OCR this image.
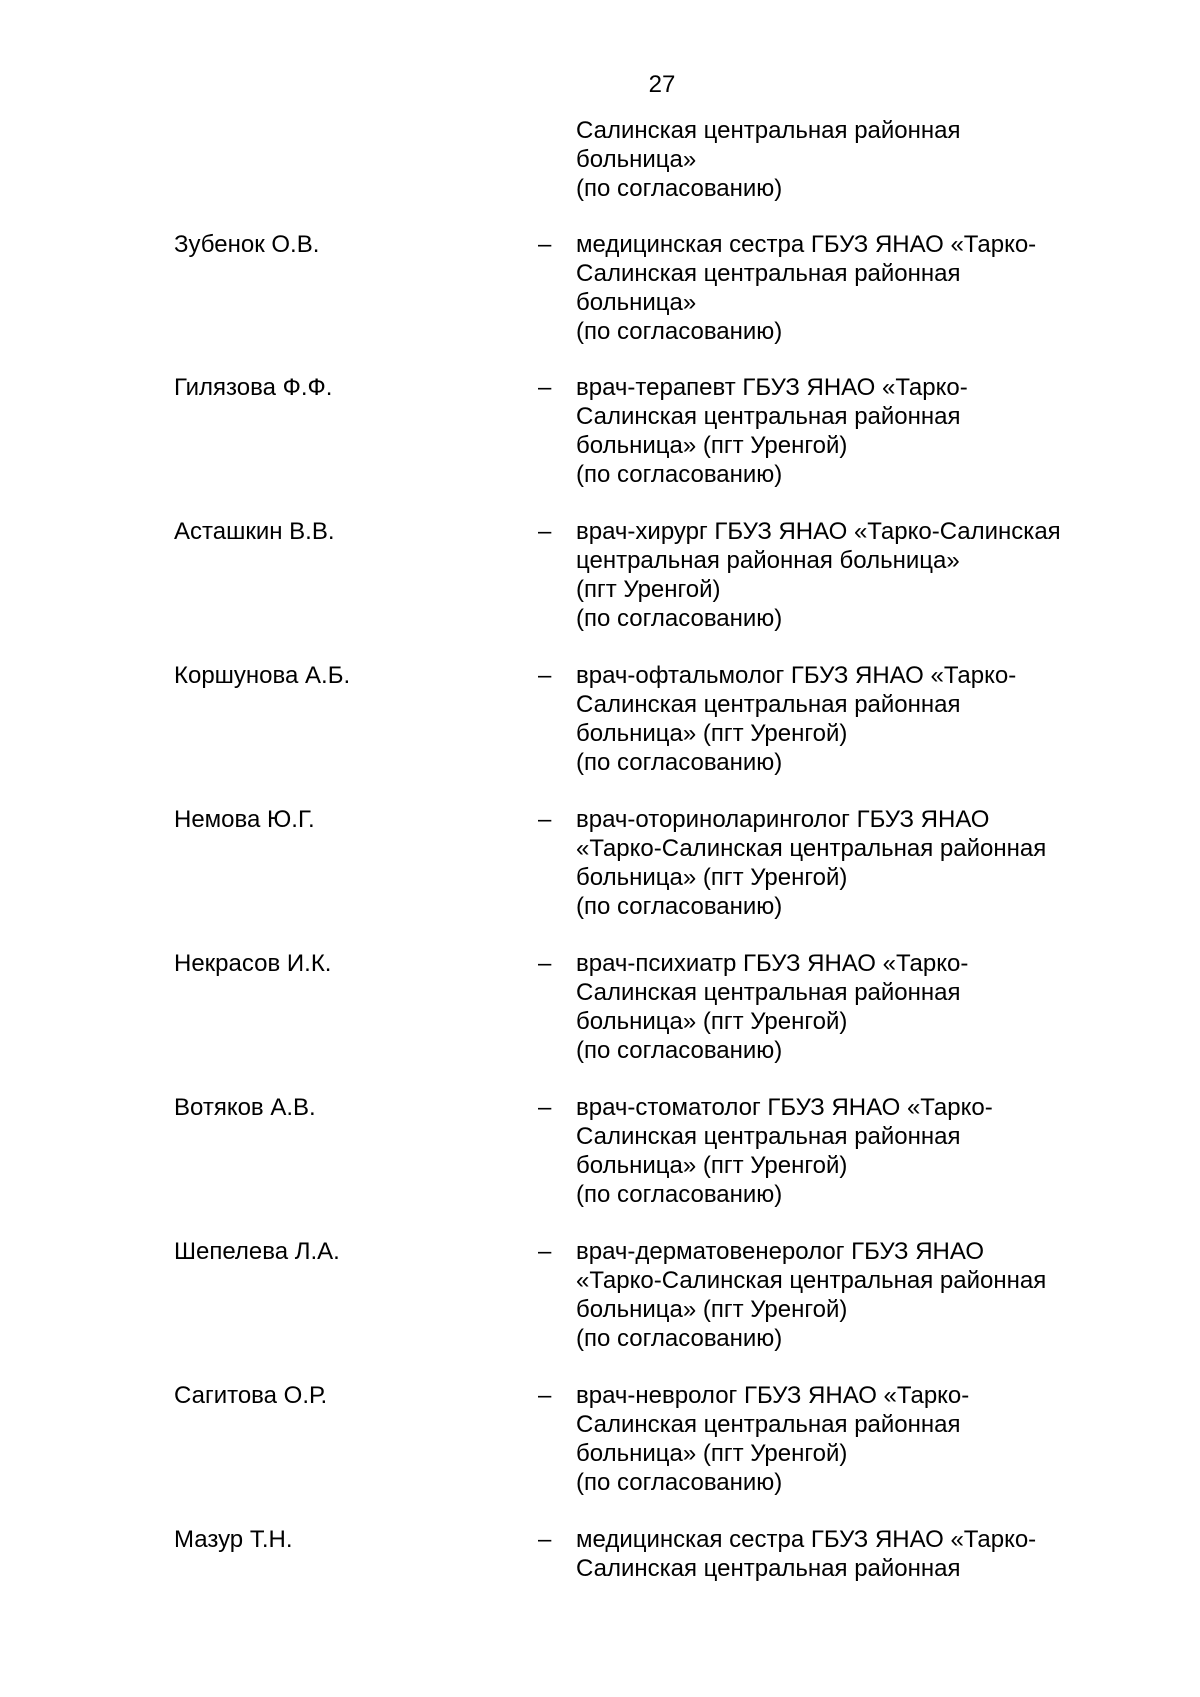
27
Салинская центральная районная
больница»
(по согласованию)
Зубенок О.В.	– медицинская сестра ГБУЗ ЯНАО «Тарко-
Салинская центральная районная
больница»
(по согласованию)
Гилязова Ф.Ф.	– врач-терапевт ГБУЗ ЯНАО «Тарко-
Салинская центральная районная
больница» (пгт Уренгой)
(по согласованию)
Асташкин В.В.	– врач-хирург ГБУЗ ЯНАО «Тарко-Салинская
центральная районная больница»
(пгт Уренгой)
(по согласованию)
Коршунова А.Б.	– врач-офтальмолог ГБУЗ ЯНАО «Тарко-
Салинская центральная районная
больница» (пгт Уренгой)
(по согласованию)
Немова Ю.Г.	– врач-оториноларинголог ГБУЗ ЯНАО
«Тарко-Салинская центральная районная
больница» (пгт Уренгой)
(по согласованию)
Некрасов И.К.	– врач-психиатр ГБУЗ ЯНАО «Тарко-
Салинская центральная районная
больница» (пгт Уренгой)
(по согласованию)
Вотяков А.В.	– врач-стоматолог ГБУЗ ЯНАО «Тарко-
Салинская центральная районная
больница» (пгт Уренгой)
(по согласованию)
Шепелева Л.А.	– врач-дерматовенеролог ГБУЗ ЯНАО
«Тарко-Салинская центральная районная
больница» (пгт Уренгой)
(по согласованию)
Сагитова О.Р.	– врач-невролог ГБУЗ ЯНАО «Тарко-
Салинская центральная районная
больница» (пгт Уренгой)
(по согласованию)
Мазур Т.Н.	– медицинская сестра ГБУЗ ЯНАО «Тарко-
Салинская центральная районная
